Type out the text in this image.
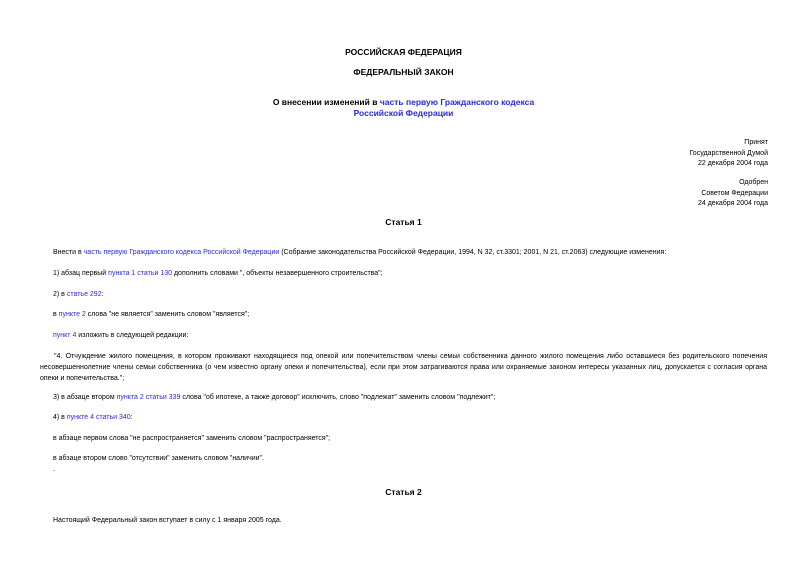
РОССИЙСКАЯ ФЕДЕРАЦИЯ
ФЕДЕРАЛЬНЫЙ ЗАКОН
О внесении изменений в часть первую Гражданского кодекса
Российской Федерации
Принят
Государственной Думой
22 декабря 2004 года
Одобрен
Советом Федерации
24 декабря 2004 года
Статья 1
Внести в часть первую Гражданского кодекса Российской Федерации (Собрание законодательства Российской Федерации, 1994, N 32, ст.3301; 2001, N 21, ст.2063) следующие изменения:
1) абзац первый пункта 1 статьи 130 дополнить словами ", объекты незавершенного строительства";
2) в статье 292:
в пункте 2 слова "не является" заменить словом "является";
пункт 4 изложить в следующей редакции:
"4. Отчуждение жилого помещения, в котором проживают находящиеся под опекой или попечительством члены семьи собственника данного жилого помещения либо оставшиеся без родительского попечения несовершеннолетние члены семьи собственника (о чем известно органу опеки и попечительства), если при этом затрагиваются права или охраняемые законом интересы указанных лиц, допускается с согласия органа опеки и попечительства.";
3) в абзаце втором пункта 2 статьи 339 слова "об ипотеке, а также договор" исключить, слово "подлежат" заменить словом "подлежит";
4) в пункте 4 статьи 340:
в абзаце первом слова "не распространяется" заменить словом "распространяется";
в абзаце втором слово "отсутствии" заменить словом "наличии".
.
Статья 2
Настоящий Федеральный закон вступает в силу с 1 января 2005 года.
